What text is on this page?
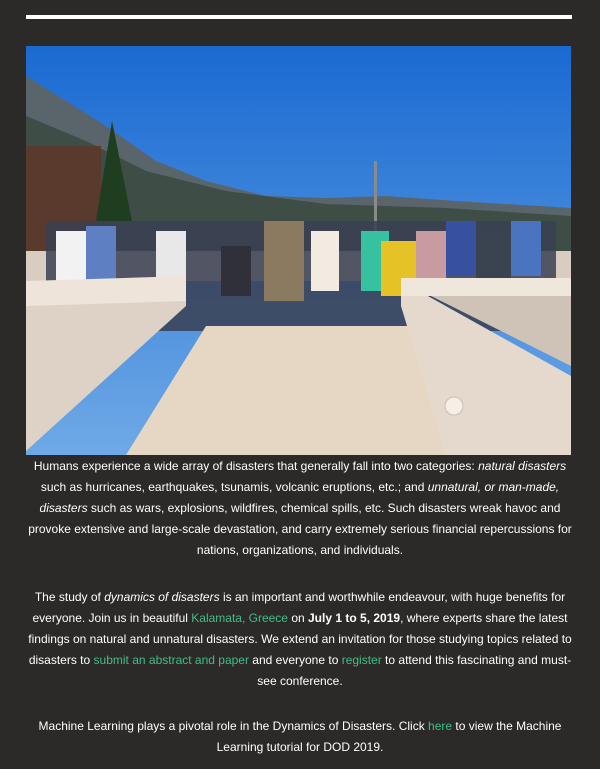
Humans experience a wide array of disasters that generally fall into two categories: natural disasters such as hurricanes, earthquakes, tsunamis, volcanic eruptions, etc.; and unnatural, or man-made, disasters such as wars, explosions, wildfires, chemical spills, etc. Such disasters wreak havoc and provoke extensive and large-scale devastation, and carry extremely serious financial repercussions for nations, organizations, and individuals.
The study of dynamics of disasters is an important and worthwhile endeavour, with huge benefits for everyone. Join us in beautiful Kalamata, Greece on July 1 to 5, 2019, where experts share the latest findings on natural and unnatural disasters. We extend an invitation for those studying topics related to disasters to submit an abstract and paper and everyone to register to attend this fascinating and must-see conference.
Machine Learning plays a pivotal role in the Dynamics of Disasters. Click here to view the Machine Learning tutorial for DOD 2019.
